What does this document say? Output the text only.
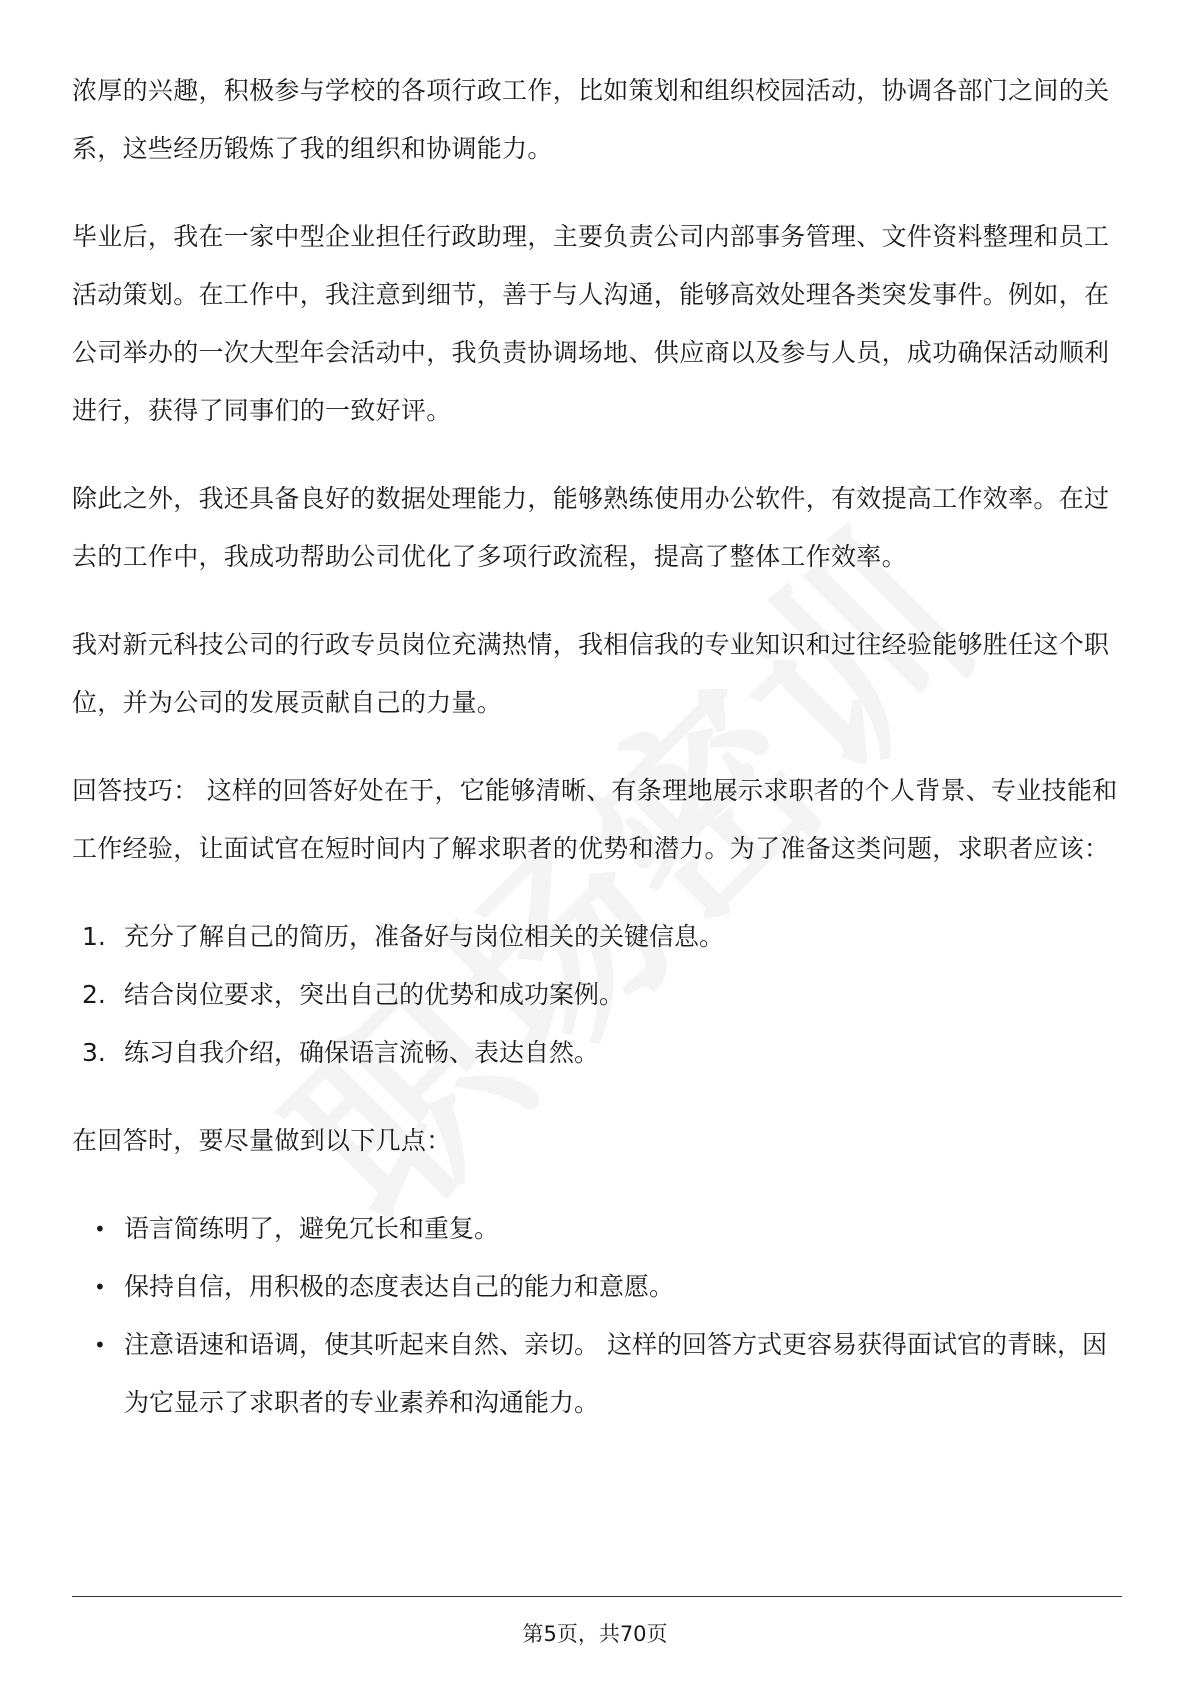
浓厚的兴趣，积极参与学校的各项行政工作，比如策划和组织校园活动，协调各部门之间的关系，这些经历锻炼了我的组织和协调能力。

毕业后，我在一家中型企业担任行政助理，主要负责公司内部事务管理、文件资料整理和员工活动策划。在工作中，我注意到细节，善于与人沟通，能够高效处理各类突发事件。例如，在公司举办的一次大型年会活动中，我负责协调场地、供应商以及参与人员，成功确保活动顺利进行，获得了同事们的一致好评。

除此之外，我还具备良好的数据处理能力，能够熟练使用办公软件，有效提高工作效率。在过去的工作中，我成功帮助公司优化了多项行政流程，提高了整体工作效率。

我对新元科技公司的行政专员岗位充满热情，我相信我的专业知识和过往经验能够胜任这个职位，并为公司的发展贡献自己的力量。

回答技巧： 这样的回答好处在于，它能够清晰、有条理地展示求职者的个人背景、专业技能和工作经验，让面试官在短时间内了解求职者的优势和潜力。为了准备这类问题，求职者应该：

1. 充分了解自己的简历，准备好与岗位相关的关键信息。
2. 结合岗位要求，突出自己的优势和成功案例。
3. 练习自我介绍，确保语言流畅、表达自然。

在回答时，要尽量做到以下几点：

• 语言简练明了，避免冗长和重复。
• 保持自信，用积极的态度表达自己的能力和意愿。
• 注意语速和语调，使其听起来自然、亲切。 这样的回答方式更容易获得面试官的青睐，因为它显示了求职者的专业素养和沟通能力。
第5页，共70页
